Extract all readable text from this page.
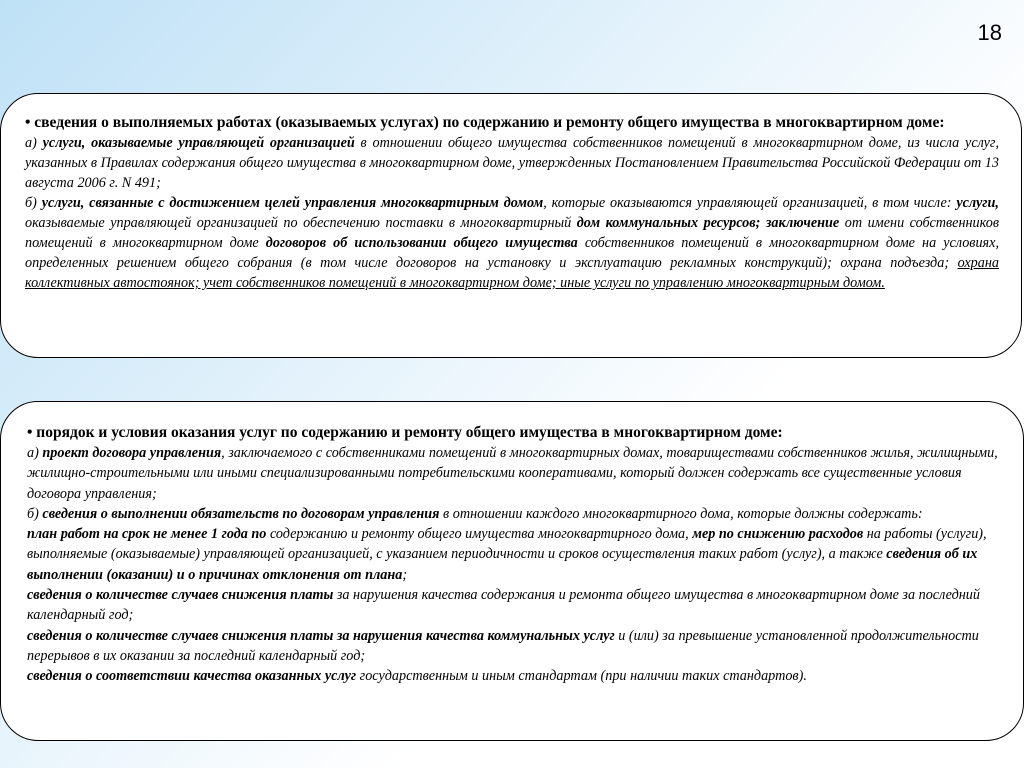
18

• сведения о выполняемых работах (оказываемых услугах) по содержанию и ремонту общего имущества в многоквартирном доме:

а) услуги, оказываемые управляющей организацией в отношении общего имущества собственников помещений в многоквартирном доме, из числа услуг, указанных в Правилах содержания общего имущества в многоквартирном доме, утвержденных Постановлением Правительства Российской Федерации от 13 августа 2006 г. N 491;

б) услуги, связанные с достижением целей управления многоквартирным домом, которые оказываются управляющей организацией, в том числе: услуги, оказываемые управляющей организацией по обеспечению поставки в многоквартирный дом коммунальных ресурсов; заключение от имени собственников помещений в многоквартирном доме договоров об использовании общего имущества собственников помещений в многоквартирном доме на условиях, определенных решением общего собрания (в том числе договоров на установку и эксплуатацию рекламных конструкций); охрана подъезда; охрана коллективных автостоянок; учет собственников помещений в многоквартирном доме; иные услуги по управлению многоквартирным домом.

• порядок и условия оказания услуг по содержанию и ремонту общего имущества в многоквартирном доме:

а) проект договора управления, заключаемого с собственниками помещений в многоквартирных домах, товариществами собственников жилья, жилищными, жилищно-строительными или иными специализированными потребительскими кооперативами, который должен содержать все существенные условия договора управления;

б) сведения о выполнении обязательств по договорам управления в отношении каждого многоквартирного дома, которые должны содержать:

план работ на срок не менее 1 года по содержанию и ремонту общего имущества многоквартирного дома, мер по снижению расходов на работы (услуги), выполняемые (оказываемые) управляющей организацией, с указанием периодичности и сроков осуществления таких работ (услуг), а также сведения об их выполнении (оказании) и о причинах отклонения от плана;

сведения о количестве случаев снижения платы за нарушения качества содержания и ремонта общего имущества в многоквартирном доме за последний календарный год;

сведения о количестве случаев снижения платы за нарушения качества коммунальных услуг и (или) за превышение установленной продолжительности перерывов в их оказании за последний календарный год;

сведения о соответствии качества оказанных услуг государственным и иным стандартам (при наличии таких стандартов).
